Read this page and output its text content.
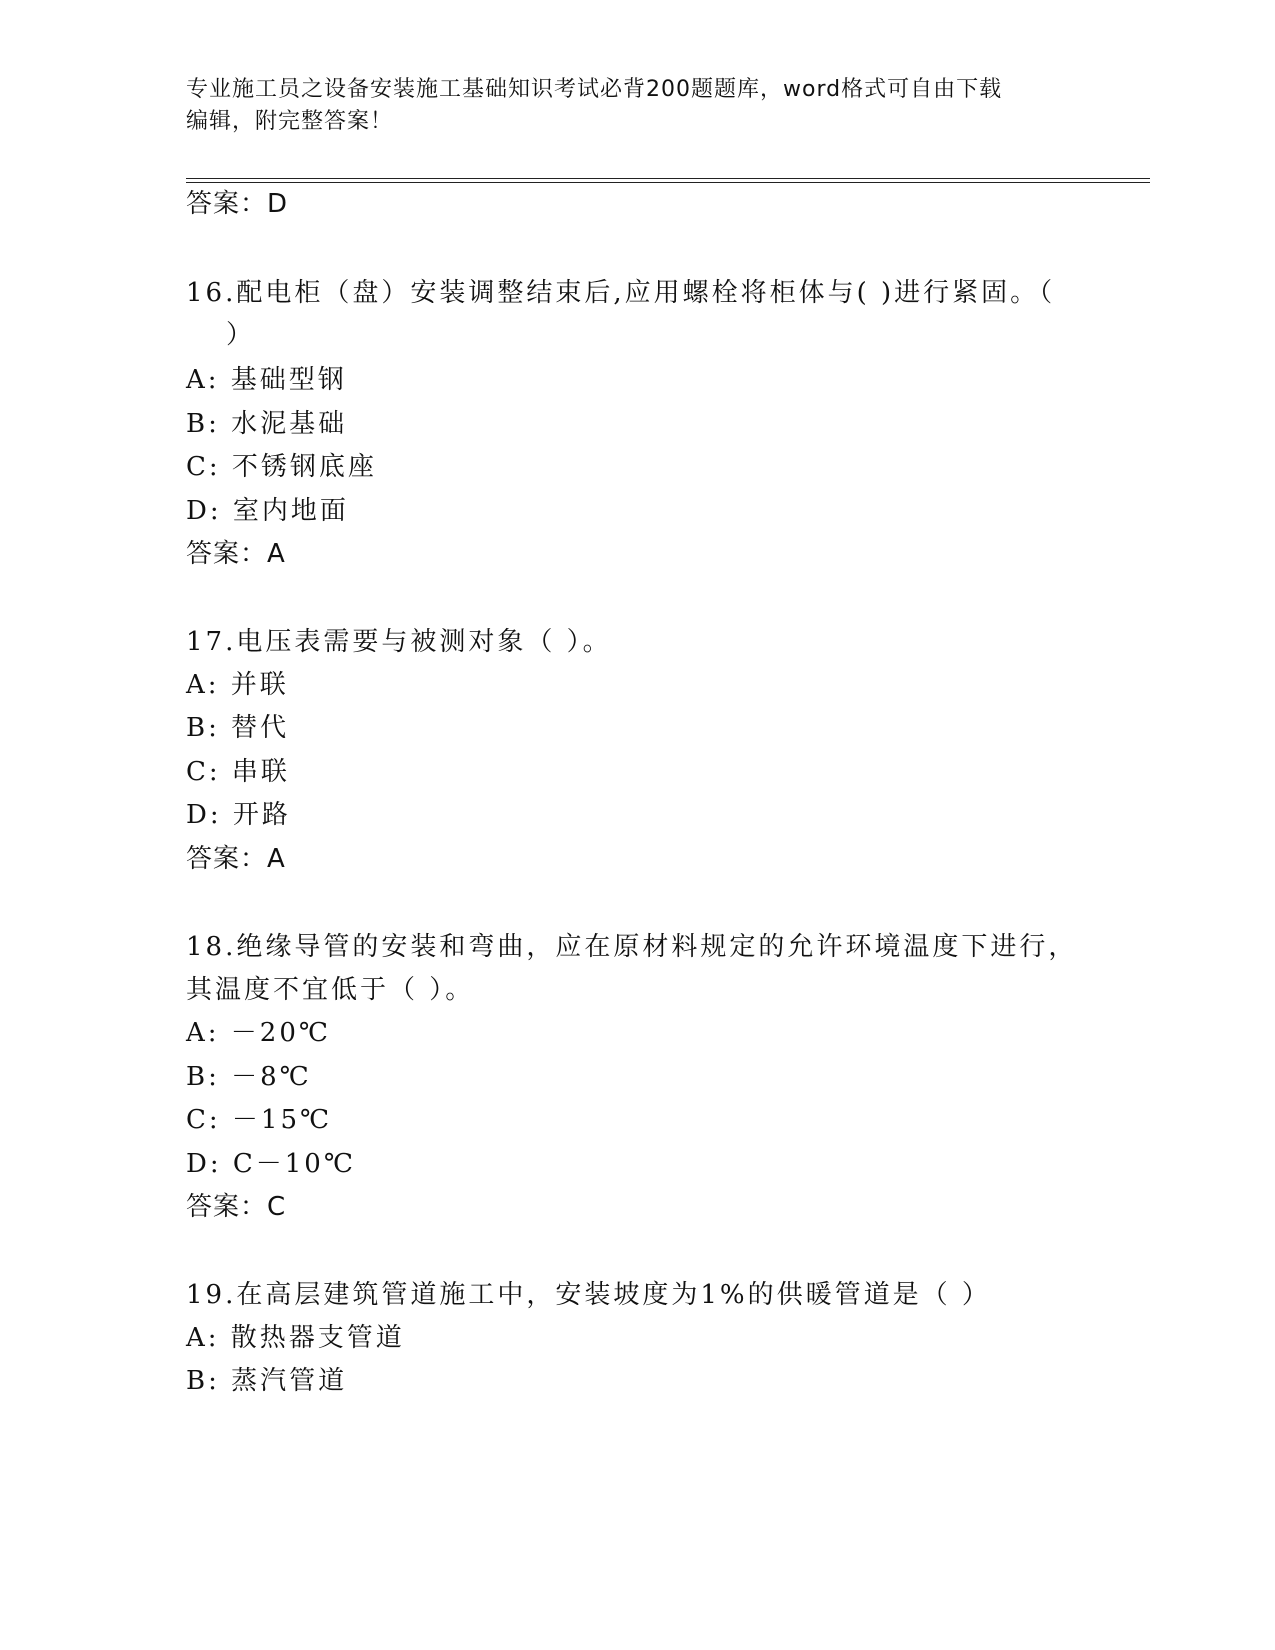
专业施工员之设备安装施工基础知识考试必背200题题库，word格式可自由下载
编辑，附完整答案！
答案：D
16.配电柜（盘）安装调整结束后,应用螺栓将柜体与( )进行紧固。（
）
A: 基础型钢
B: 水泥基础
C: 不锈钢底座
D: 室内地面
答案：A
17.电压表需要与被测对象（ ）。
A: 并联
B: 替代
C: 串联
D: 开路
答案：A
18.绝缘导管的安装和弯曲，应在原材料规定的允许环境温度下进行，
其温度不宜低于（ ）。
A: －20℃
B: －8℃
C: －15℃
D: C－10℃
答案：C
19.在高层建筑管道施工中，安装坡度为1%的供暖管道是（ ）
A: 散热器支管道
B: 蒸汽管道
